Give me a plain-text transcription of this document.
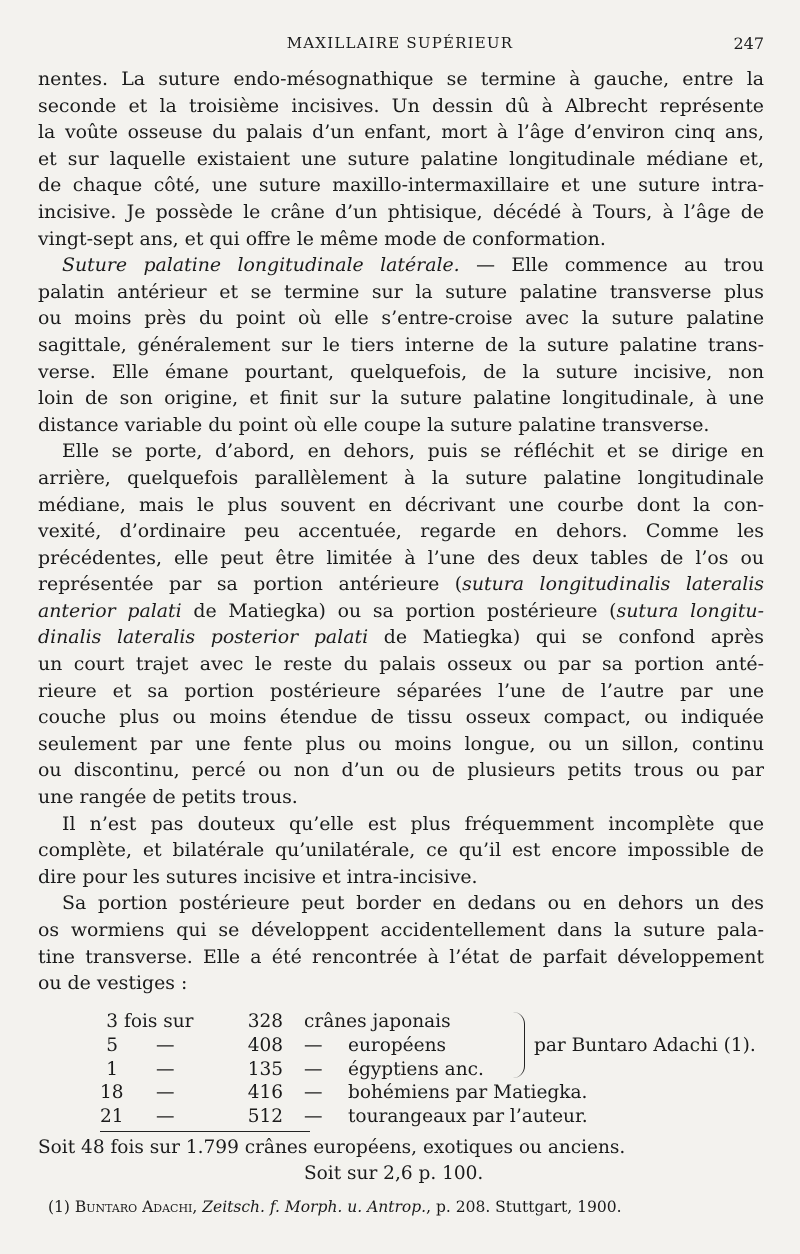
MAXILLAIRE SUPÉRIEUR	247
nentes. La suture endo-mésognathique se termine à gauche, entre la
seconde et la troisième incisives. Un dessin dû à Albrecht représente
la voûte osseuse du palais d’un enfant, mort à l’âge d’environ cinq ans,
et sur laquelle existaient une suture palatine longitudinale médiane et,
de chaque côté, une suture maxillo-intermaxillaire et une suture intra-
incisive. Je possède le crâne d’un phtisique, décédé à Tours, à l’âge de
vingt-sept ans, et qui offre le même mode de conformation.
Suture palatine longitudinale latérale. — Elle commence au trou
palatin antérieur et se termine sur la suture palatine transverse plus
ou moins près du point où elle s’entre-croise avec la suture palatine
sagittale, généralement sur le tiers interne de la suture palatine trans-
verse. Elle émane pourtant, quelquefois, de la suture incisive, non
loin de son origine, et finit sur la suture palatine longitudinale, à une
distance variable du point où elle coupe la suture palatine transverse.
Elle se porte, d’abord, en dehors, puis se réfléchit et se dirige en
arrière, quelquefois parallèlement à la suture palatine longitudinale
médiane, mais le plus souvent en décrivant une courbe dont la con-
vexité, d’ordinaire peu accentuée, regarde en dehors. Comme les
précédentes, elle peut être limitée à l’une des deux tables de l’os ou
représentée par sa portion antérieure (sutura longitudinalis lateralis
anterior palati de Matiegka) ou sa portion postérieure (sutura longitu-
dinalis lateralis posterior palati de Matiegka) qui se confond après
un court trajet avec le reste du palais osseux ou par sa portion anté-
rieure et sa portion postérieure séparées l’une de l’autre par une
couche plus ou moins étendue de tissu osseux compact, ou indiquée
seulement par une fente plus ou moins longue, ou un sillon, continu
ou discontinu, percé ou non d’un ou de plusieurs petits trous ou par
une rangée de petits trous.
Il n’est pas douteux qu’elle est plus fréquemment incomplète que
complète, et bilatérale qu’unilatérale, ce qu’il est encore impossible de
dire pour les sutures incisive et intra-incisive.
Sa portion postérieure peut border en dedans ou en dehors un des
os wormiens qui se développent accidentellement dans la suture pala-
tine transverse. Elle a été rencontrée à l’état de parfait développement
ou de vestiges :
3 fois sur	328 crânes japonais
5 —	408 — européens
1 —	135 — égyptiens anc.
18 —	416 — bohémiens par Matiegka.
21 —	512 — tourangeaux par l’auteur.
par Buntaro Adachi (1).
Soit 48 fois sur 1.799 crânes européens, exotiques ou anciens.
Soit sur 2,6 p. 100.
(1) Buntaro Adachi, Zeitsch. f. Morph. u. Antrop., p. 208. Stuttgart, 1900.
